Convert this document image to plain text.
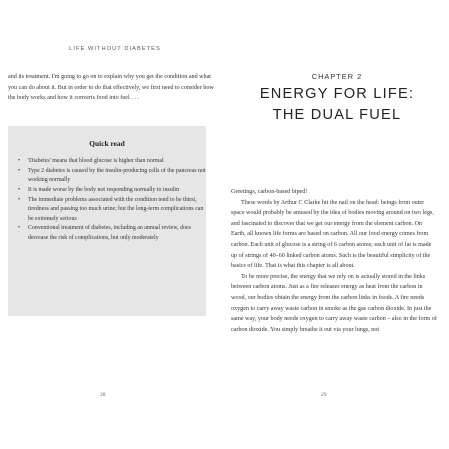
LIFE WITHOUT DIABETES

and its treatment. I'm going to go on to explain why you get the condition and what you can do about it. But in order to do that effectively, we first need to consider how the body works and how it converts food into fuel . . .

Quick read
• 'Diabetes' means that blood glucose is higher than normal
• Type 2 diabetes is caused by the insulin-producing cells of the pancreas not working normally
• It is made worse by the body not responding normally to insulin
• The immediate problems associated with the condition tend to be thirst, tiredness and passing too much urine; but the long-term complications can be extremely serious
• Conventional treatment of diabetes, including an annual review, does decrease the risk of complications, but only moderately
28
CHAPTER 2
ENERGY FOR LIFE:
THE DUAL FUEL

Greetings, carbon-based biped!

These words by Arthur C Clarke hit the nail on the head: beings from outer space would probably be amused by the idea of bodies moving around on two legs, and fascinated to discover that we get our energy from the element carbon. On Earth, all known life forms are based on carbon. All our food energy comes from carbon. Each unit of glucose is a string of 6 carbon atoms; each unit of fat is made up of strings of 40–60 linked carbon atoms. Such is the beautiful simplicity of the basics of life. That is what this chapter is all about.

To be more precise, the energy that we rely on is actually stored in the links between carbon atoms. Just as a fire releases energy as heat from the carbon in wood, our bodies obtain the energy from the carbon links in foods. A fire needs oxygen to carry away waste carbon in smoke as the gas carbon dioxide. In just the same way, your body needs oxygen to carry away waste carbon – also in the form of carbon dioxide. You simply breathe it out via your lungs, not

29
